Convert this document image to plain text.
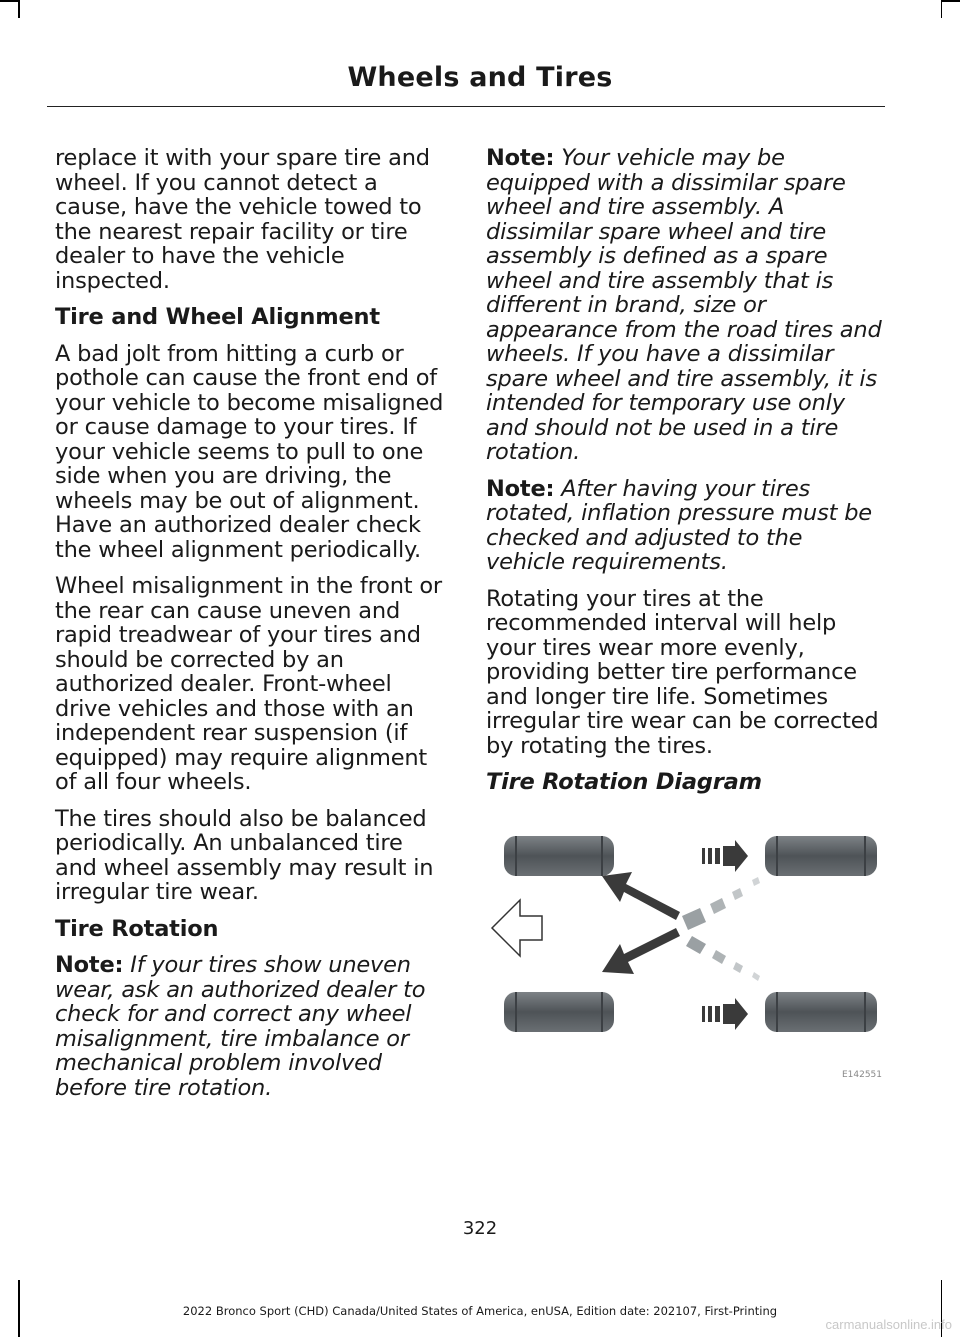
Wheels and Tires

replace it with your spare tire and wheel. If you cannot detect a cause, have the vehicle towed to the nearest repair facility or tire dealer to have the vehicle inspected.

Tire and Wheel Alignment

A bad jolt from hitting a curb or pothole can cause the front end of your vehicle to become misaligned or cause damage to your tires. If your vehicle seems to pull to one side when you are driving, the wheels may be out of alignment. Have an authorized dealer check the wheel alignment periodically.

Wheel misalignment in the front or the rear can cause uneven and rapid treadwear of your tires and should be corrected by an authorized dealer. Front-wheel drive vehicles and those with an independent rear suspension (if equipped) may require alignment of all four wheels.

The tires should also be balanced periodically. An unbalanced tire and wheel assembly may result in irregular tire wear.

Tire Rotation

Note: If your tires show uneven wear, ask an authorized dealer to check for and correct any wheel misalignment, tire imbalance or mechanical problem involved before tire rotation.

Note: Your vehicle may be equipped with a dissimilar spare wheel and tire assembly. A dissimilar spare wheel and tire assembly is defined as a spare wheel and tire assembly that is different in brand, size or appearance from the road tires and wheels. If you have a dissimilar spare wheel and tire assembly, it is intended for temporary use only and should not be used in a tire rotation.

Note: After having your tires rotated, inflation pressure must be checked and adjusted to the vehicle requirements.

Rotating your tires at the recommended interval will help your tires wear more evenly, providing better tire performance and longer tire life. Sometimes irregular tire wear can be corrected by rotating the tires.

Tire Rotation Diagram
E142551
322
2022 Bronco Sport (CHD) Canada/United States of America, enUSA, Edition date: 202107, First-Printing
carmanualsonline.info
